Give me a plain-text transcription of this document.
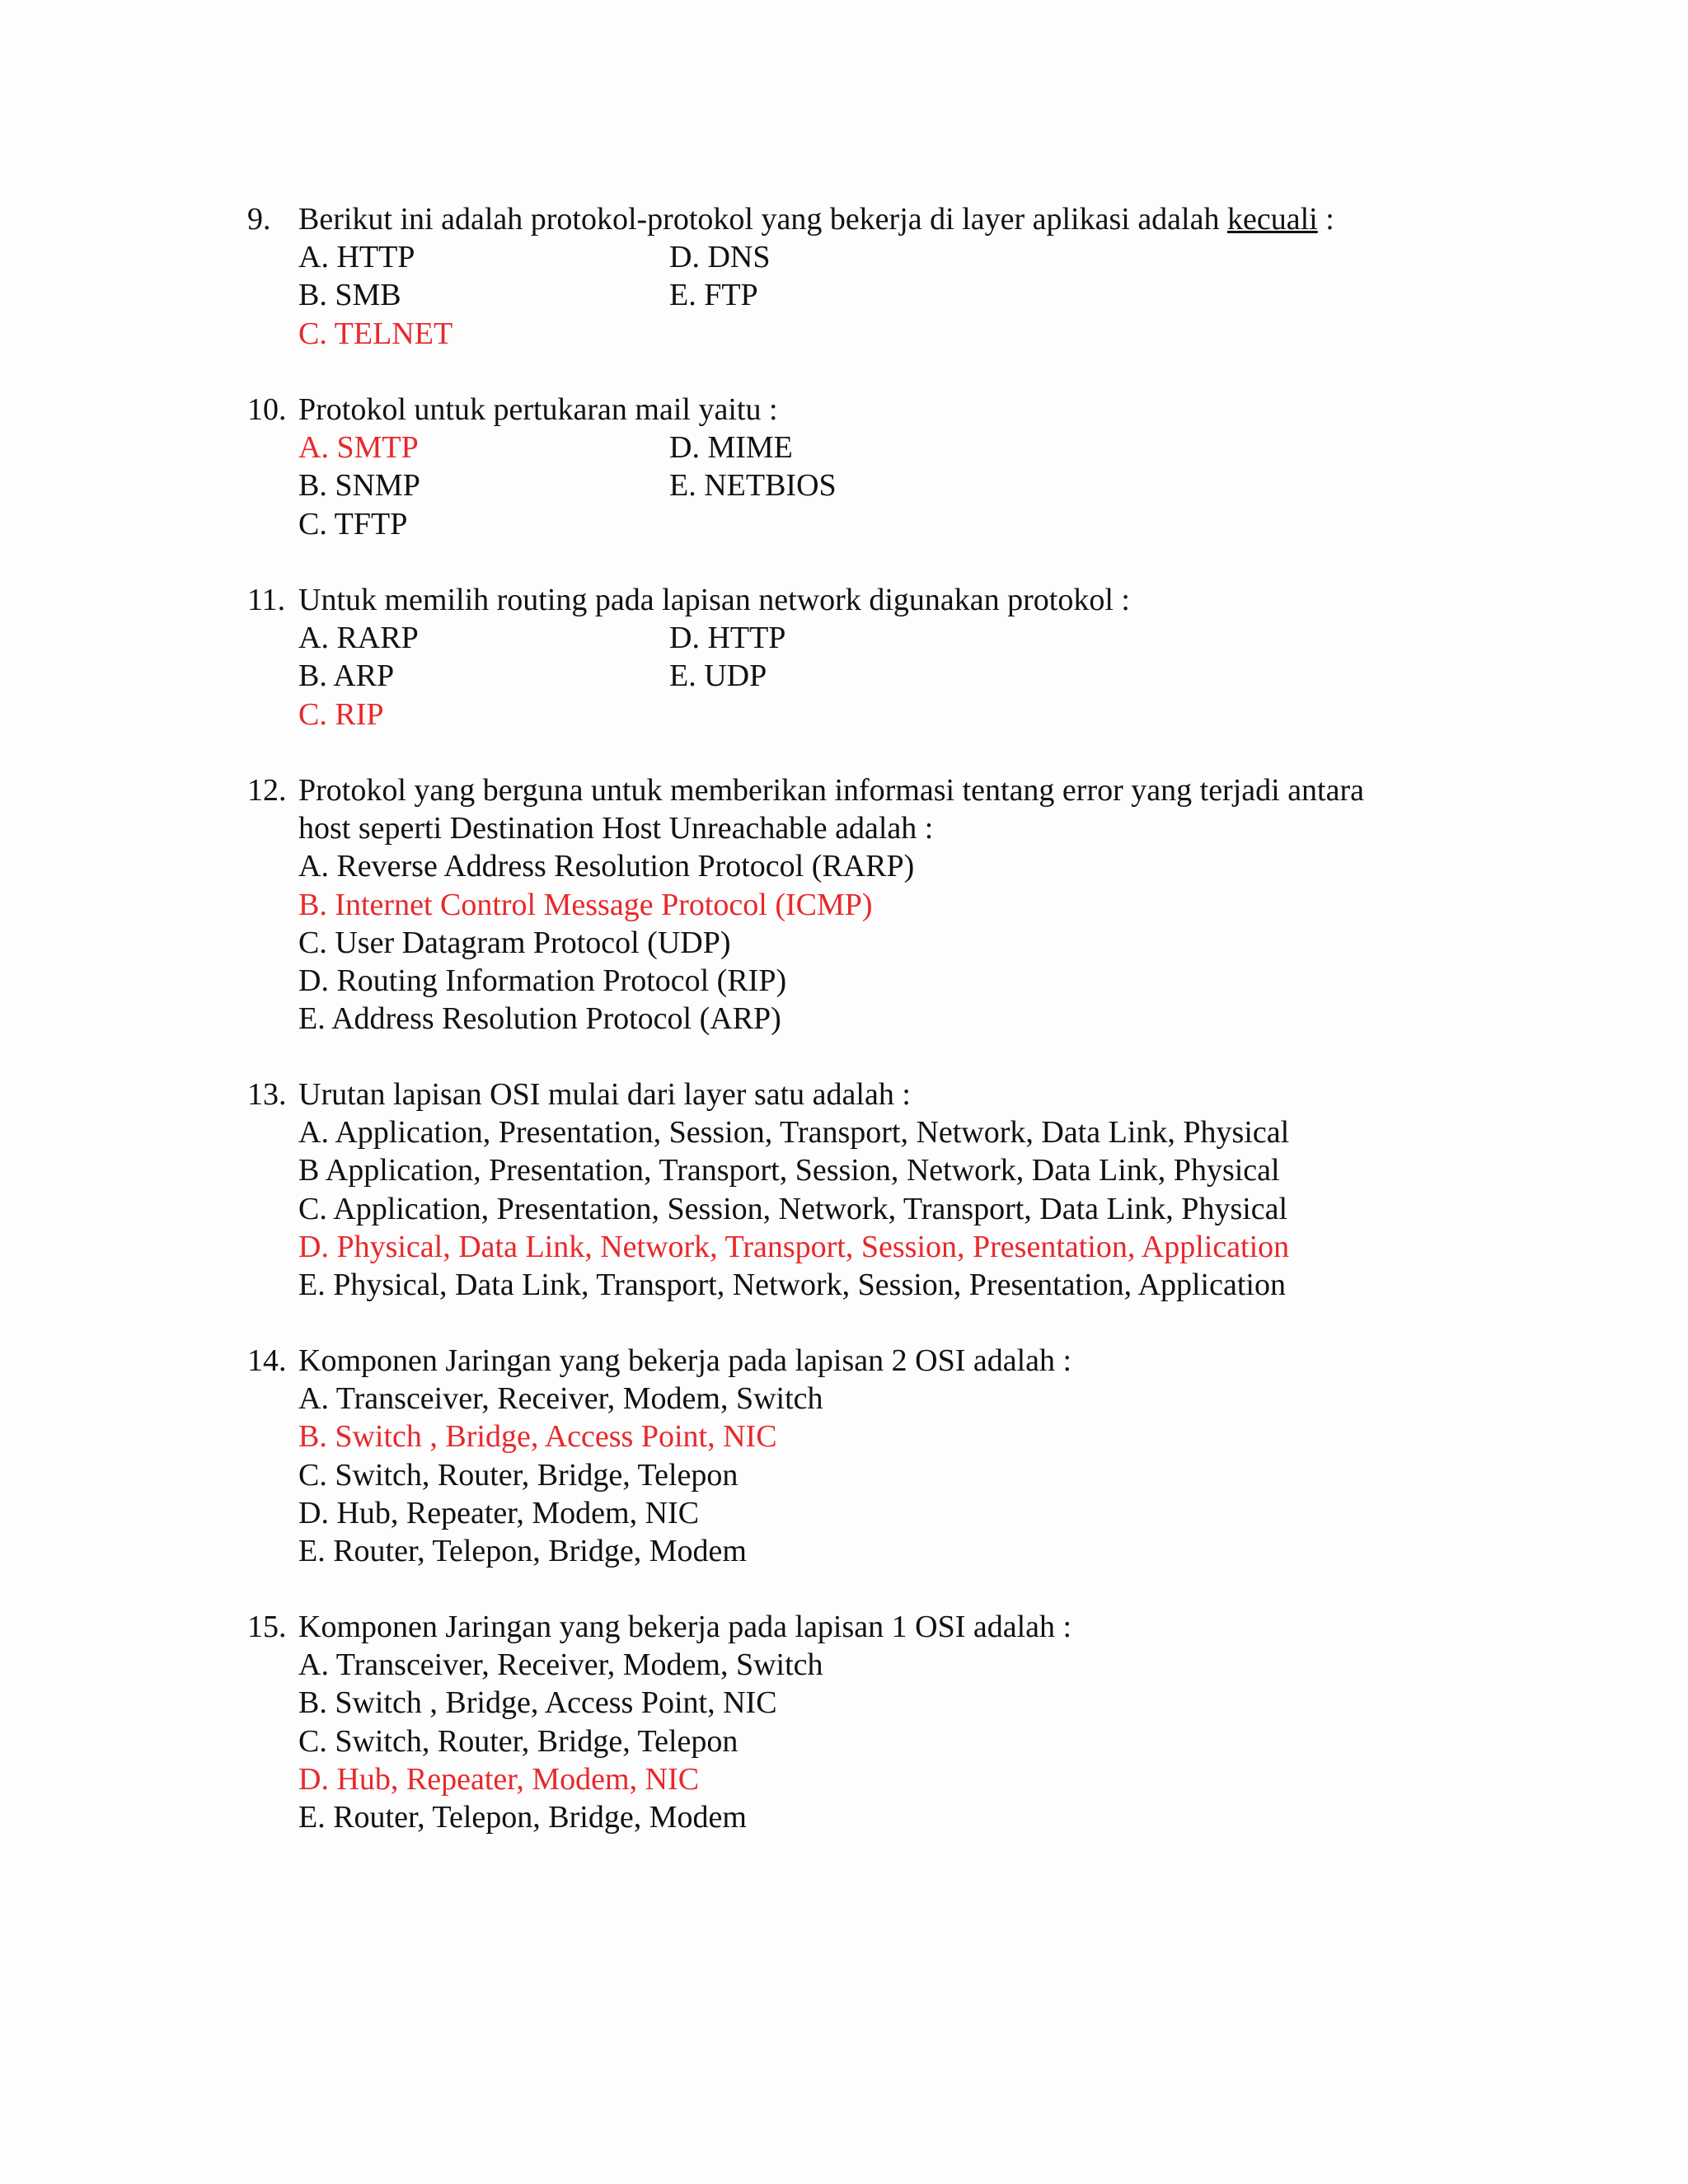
9. Berikut ini adalah protokol-protokol yang bekerja di layer aplikasi adalah kecuali :
A. HTTP	D. DNS
B. SMB	E. FTP
C. TELNET
10. Protokol untuk pertukaran mail yaitu :
A. SMTP	D. MIME
B. SNMP	E. NETBIOS
C. TFTP
11. Untuk memilih routing pada lapisan network digunakan protokol :
A. RARP	D. HTTP
B. ARP	E. UDP
C. RIP
12. Protokol yang berguna untuk memberikan informasi tentang error yang terjadi antara
host seperti Destination Host Unreachable adalah :
A. Reverse Address Resolution Protocol (RARP)
B. Internet Control Message Protocol (ICMP)
C. User Datagram Protocol (UDP)
D. Routing Information Protocol (RIP)
E. Address Resolution Protocol (ARP)
13. Urutan lapisan OSI mulai dari layer satu adalah :
A. Application, Presentation, Session, Transport, Network, Data Link, Physical
B Application, Presentation, Transport, Session, Network, Data Link, Physical
C. Application, Presentation, Session, Network, Transport, Data Link, Physical
D. Physical, Data Link, Network, Transport, Session, Presentation, Application
E. Physical, Data Link, Transport, Network, Session, Presentation, Application
14. Komponen Jaringan yang bekerja pada lapisan 2 OSI adalah :
A. Transceiver, Receiver, Modem, Switch
B. Switch , Bridge, Access Point, NIC
C. Switch, Router, Bridge, Telepon
D. Hub, Repeater, Modem, NIC
E. Router, Telepon, Bridge, Modem
15. Komponen Jaringan yang bekerja pada lapisan 1 OSI adalah :
A. Transceiver, Receiver, Modem, Switch
B. Switch , Bridge, Access Point, NIC
C. Switch, Router, Bridge, Telepon
D. Hub, Repeater, Modem, NIC
E. Router, Telepon, Bridge, Modem
